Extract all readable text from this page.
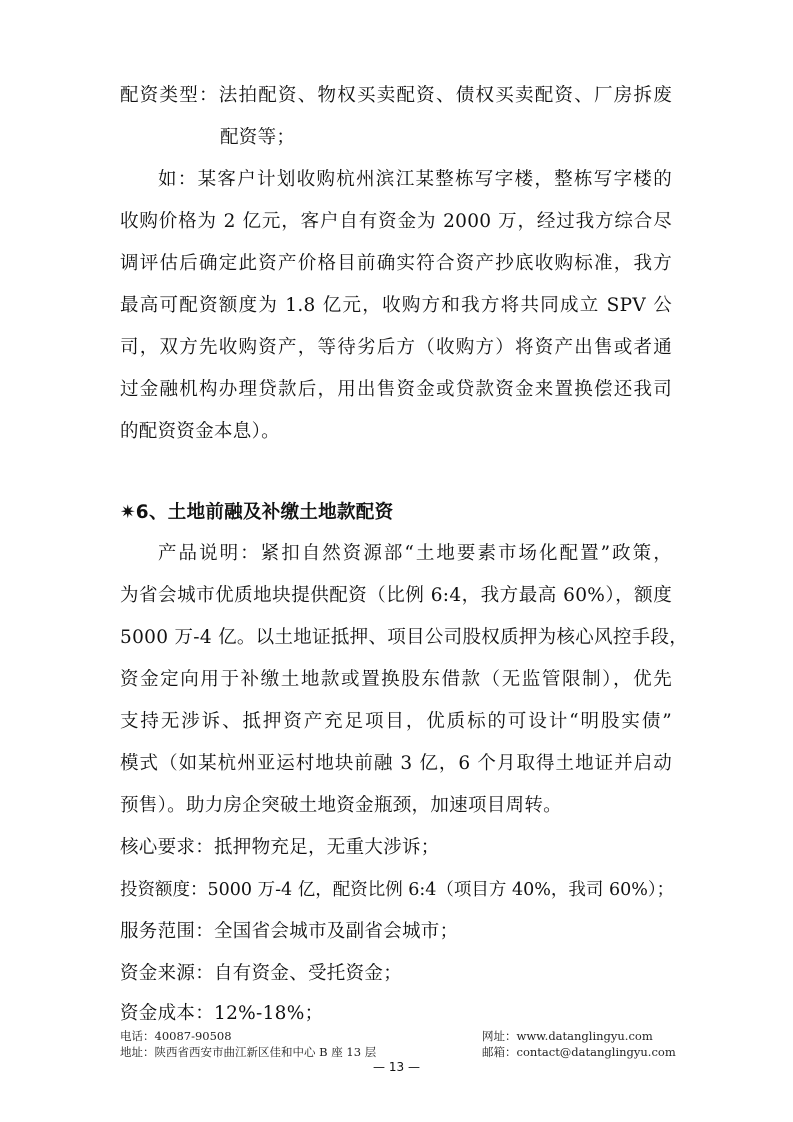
配资类型：法拍配资、物权买卖配资、债权买卖配资、厂房拆废
配资等；
如：某客户计划收购杭州滨江某整栋写字楼，整栋写字楼的
收购价格为 2 亿元，客户自有资金为 2000 万，经过我方综合尽
调评估后确定此资产价格目前确实符合资产抄底收购标准，我方
最高可配资额度为 1.8 亿元，收购方和我方将共同成立 SPV 公
司，双方先收购资产，等待劣后方（收购方）将资产出售或者通
过金融机构办理贷款后，用出售资金或贷款资金来置换偿还我司
的配资资金本息）。
✷6、土地前融及补缴土地款配资
产品说明：紧扣自然资源部“土地要素市场化配置”政策，
为省会城市优质地块提供配资（比例 6:4，我方最高 60%），额度
5000 万-4 亿。以土地证抵押、项目公司股权质押为核心风控手段，
资金定向用于补缴土地款或置换股东借款（无监管限制），优先
支持无涉诉、抵押资产充足项目，优质标的可设计“明股实债”
模式（如某杭州亚运村地块前融 3 亿，6 个月取得土地证并启动
预售）。助力房企突破土地资金瓶颈，加速项目周转。
核心要求：抵押物充足，无重大涉诉；
投资额度：5000 万-4 亿，配资比例 6:4（项目方 40%，我司 60%）；
服务范围：全国省会城市及副省会城市；
资金来源：自有资金、受托资金；
资金成本：12%-18%；
电话：40087-90508
地址：陕西省西安市曲江新区佳和中心 B 座 13 层
网址：www.datanglingyu.com
邮箱：contact@datanglingyu.com
— 13 —
